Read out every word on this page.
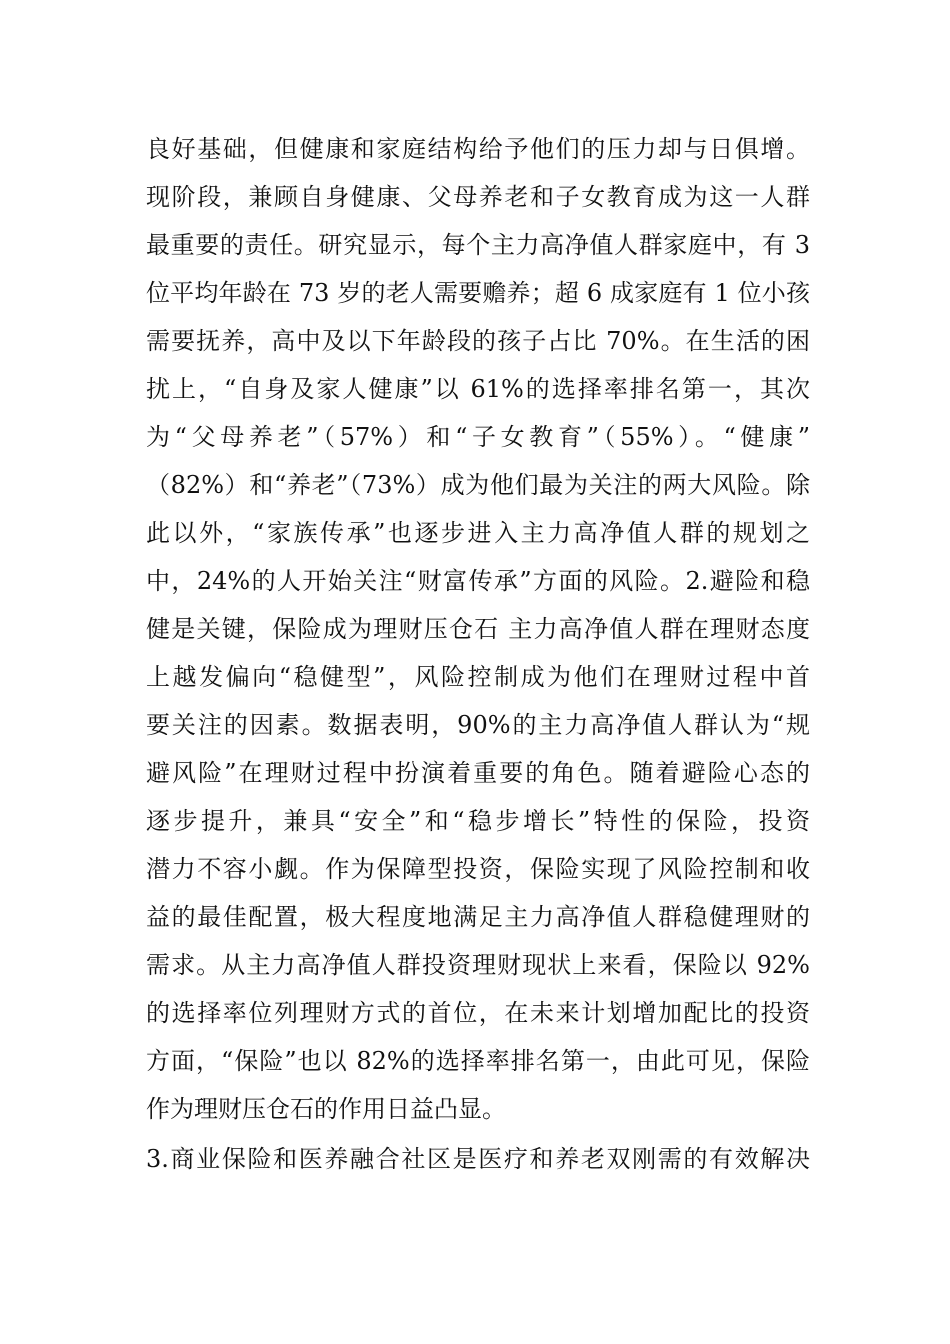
良好基础，但健康和家庭结构给予他们的压力却与日俱增。
现阶段，兼顾自身健康、父母养老和子女教育成为这一人群
最重要的责任。研究显示，每个主力高净值人群家庭中，有 3
位平均年龄在 73 岁的老人需要赡养；超 6 成家庭有 1 位小孩
需要抚养，高中及以下年龄段的孩子占比 70%。在生活的困
扰上，“自身及家人健康”以 61%的选择率排名第一，其次
为“父母养老”（57%）和“子女教育”（55%）。“健康”
（82%）和“养老”（73%）成为他们最为关注的两大风险。除
此以外，“家族传承”也逐步进入主力高净值人群的规划之
中，24%的人开始关注“财富传承”方面的风险。2.避险和稳
健是关键，保险成为理财压仓石 主力高净值人群在理财态度
上越发偏向“稳健型”，风险控制成为他们在理财过程中首
要关注的因素。数据表明，90%的主力高净值人群认为“规
避风险”在理财过程中扮演着重要的角色。随着避险心态的
逐步提升，兼具“安全”和“稳步增长”特性的保险，投资
潜力不容小觑。作为保障型投资，保险实现了风险控制和收
益的最佳配置，极大程度地满足主力高净值人群稳健理财的
需求。从主力高净值人群投资理财现状上来看，保险以 92%
的选择率位列理财方式的首位，在未来计划增加配比的投资
方面，“保险”也以 82%的选择率排名第一，由此可见，保险
作为理财压仓石的作用日益凸显。
3.商业保险和医养融合社区是医疗和养老双刚需的有效解决
